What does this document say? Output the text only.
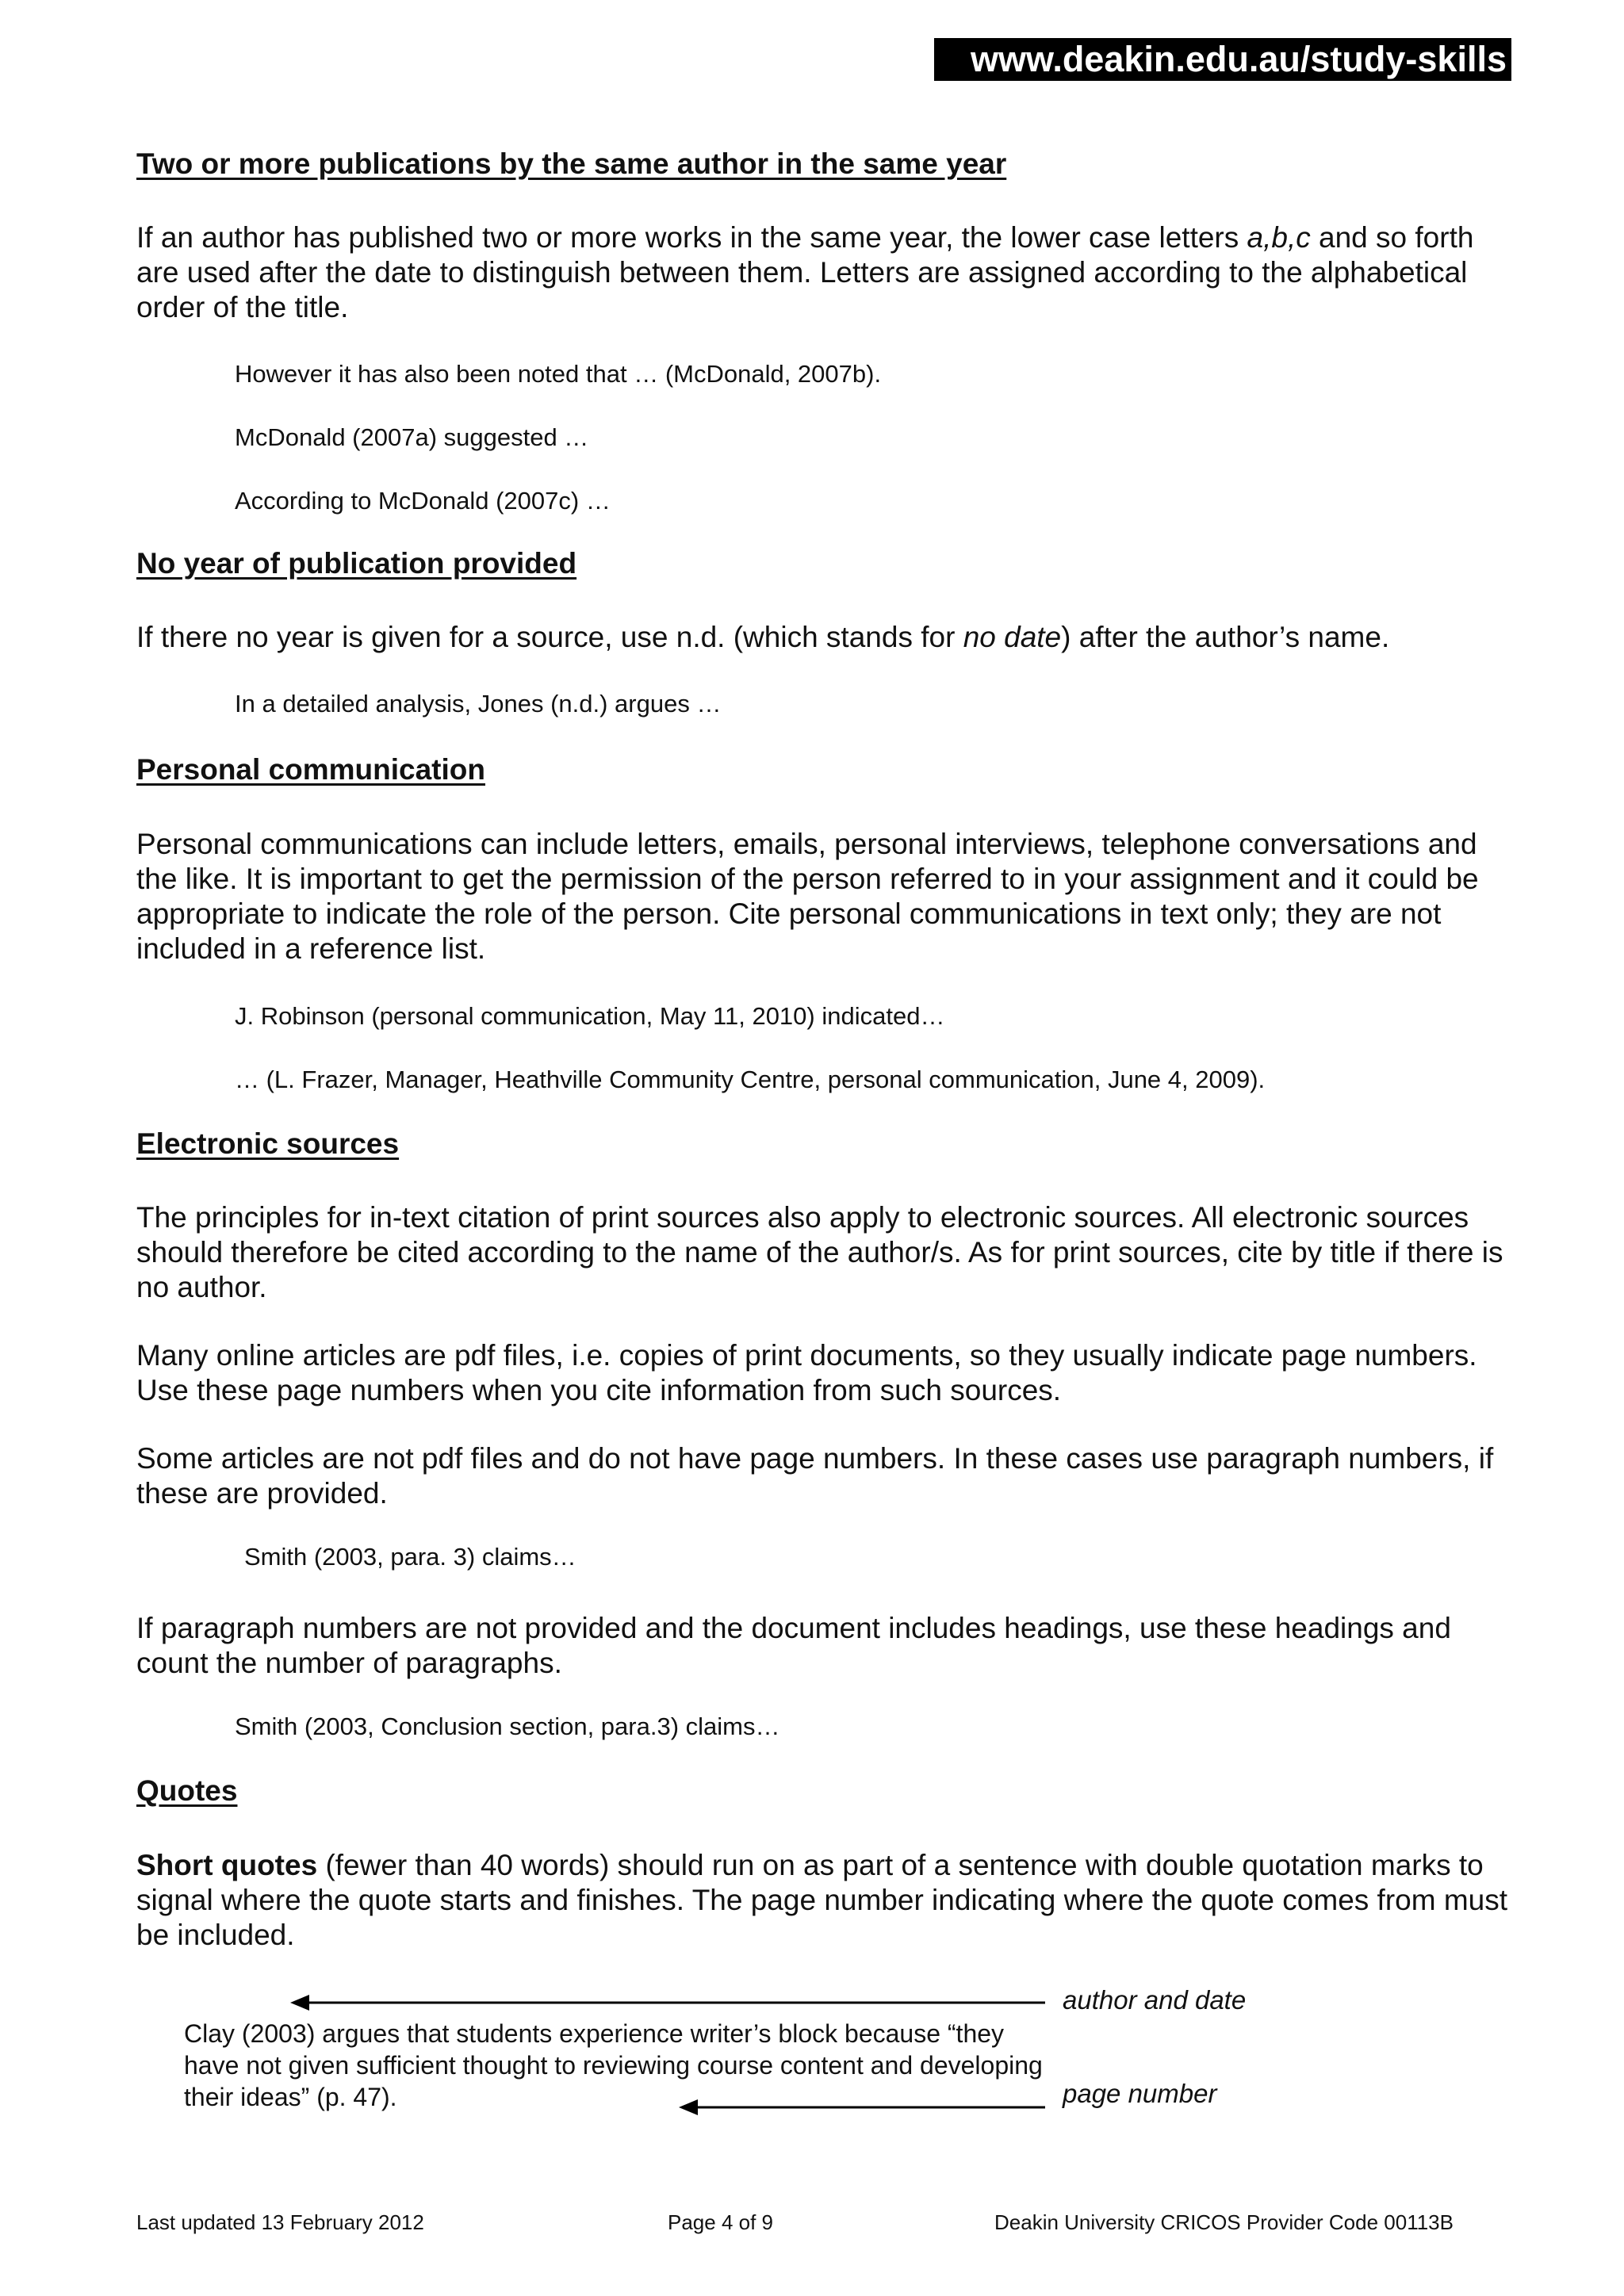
www.deakin.edu.au/study-skills
Two or more publications by the same author in the same year

If an author has published two or more works in the same year, the lower case letters a,b,c and so forth are used after the date to distinguish between them. Letters are assigned according to the alphabetical order of the title.

However it has also been noted that … (McDonald, 2007b).
McDonald (2007a) suggested …
According to McDonald (2007c) …
No year of publication provided

If there no year is given for a source, use n.d. (which stands for no date) after the author’s name.

In a detailed analysis, Jones (n.d.) argues …
Personal communication

Personal communications can include letters, emails, personal interviews, telephone conversations and the like. It is important to get the permission of the person referred to in your assignment and it could be appropriate to indicate the role of the person. Cite personal communications in text only; they are not included in a reference list.

J. Robinson (personal communication, May 11, 2010) indicated…
… (L. Frazer, Manager, Heathville Community Centre, personal communication, June 4, 2009).
Electronic sources

The principles for in-text citation of print sources also apply to electronic sources. All electronic sources should therefore be cited according to the name of the author/s. As for print sources, cite by title if there is no author.

Many online articles are pdf files, i.e. copies of print documents, so they usually indicate page numbers. Use these page numbers when you cite information from such sources.

Some articles are not pdf files and do not have page numbers. In these cases use paragraph numbers, if these are provided.

Smith (2003, para. 3) claims…

If paragraph numbers are not provided and the document includes headings, use these headings and count the number of paragraphs.

Smith (2003, Conclusion section, para.3) claims…
Quotes

Short quotes (fewer than 40 words) should run on as part of a sentence with double quotation marks to signal where the quote starts and finishes. The page number indicating where the quote comes from must be included.

author and date
Clay (2003) argues that students experience writer’s block because “they have not given sufficient thought to reviewing course content and developing their ideas” (p. 47).	page number
Last updated 13 February 2012	Page 4 of 9	Deakin University CRICOS Provider Code 00113B
